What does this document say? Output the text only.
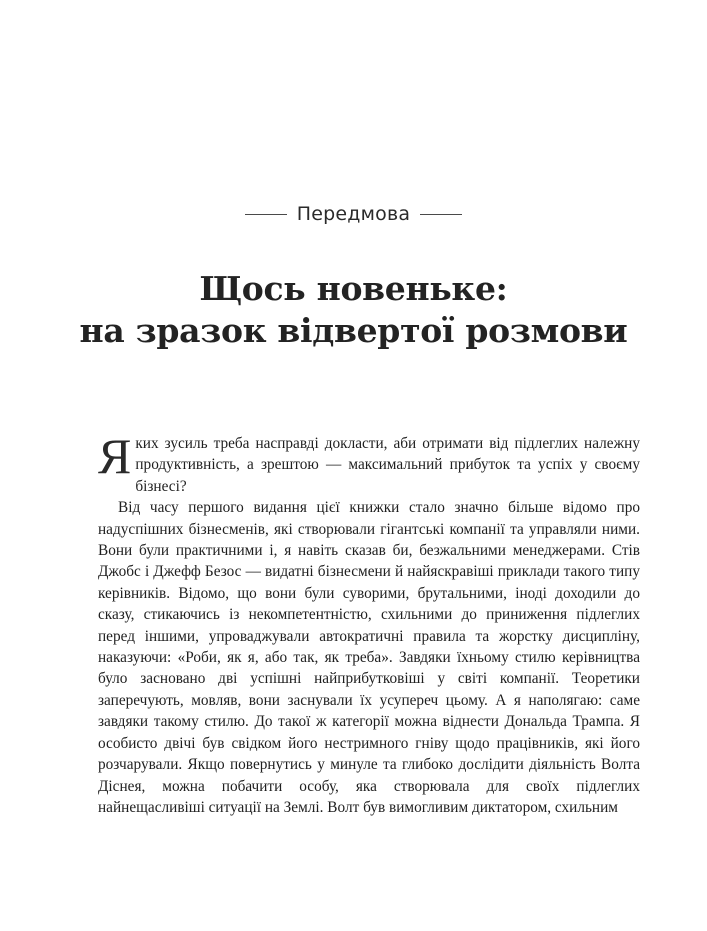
Передмова
Щось новеньке:
на зразок відвертої розмови

Яких зусиль треба насправді докласти, аби отримати від підлеглих належну продуктивність, а зрештою — максимальний прибуток та успіх у своєму бізнесі?

Від часу першого видання цієї книжки стало значно більше відомо про надуспішних бізнесменів, які створювали гігантські компанії та управляли ними. Вони були практичними і, я навіть сказав би, безжальними менеджерами. Стів Джобс і Джефф Безос — видатні бізнесмени й найяскравіші приклади такого типу керівників. Відомо, що вони були суворими, брутальними, іноді доходили до сказу, стикаючись із некомпетентністю, схильними до приниження підлеглих перед іншими, упроваджували автократичні правила та жорстку дисципліну, наказуючи: «Роби, як я, або так, як треба». Завдяки їхньому стилю керівництва було засновано дві успішні найприбутковіші у світі компанії. Теоретики заперечують, мовляв, вони заснували їх усупереч цьому. А я наполягаю: саме завдяки такому стилю. До такої ж категорії можна віднести Дональда Трампа. Я особисто двічі був свідком його нестримного гніву щодо працівників, які його розчарували. Якщо повернутись у минуле та глибоко дослідити діяльність Волта Діснея, можна побачити особу, яка створювала для своїх підлеглих найнещасливіші ситуації на Землі. Волт був вимогливим диктатором, схильним
